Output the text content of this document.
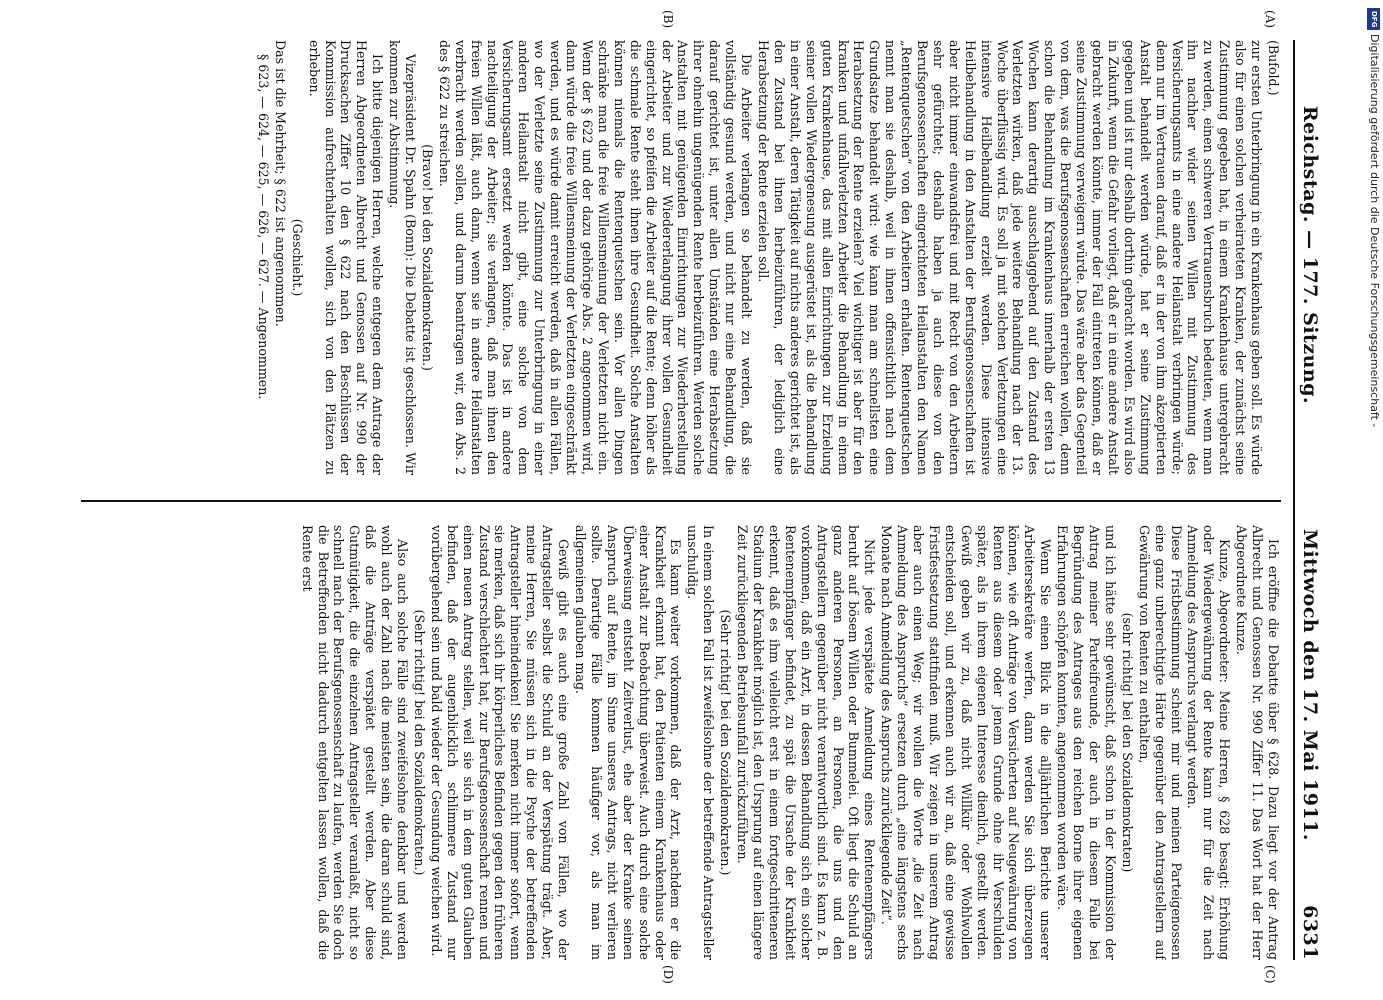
Reichstag. — 177. Sitzung.
Mittwoch den 17. Mai 1911.
6331
(A)
(B)
(C)
(D)

(Bufold.)

zur ersten Unterbringung in ein Krankenhaus geben soll. Es würde also für einen solchen verheirateten Kranken, der zunächst seine Zustimmung gegeben hat, in einem Krankenhause untergebracht zu werden, einen schweren Vertrauensbruch bedeuten, wenn man ihn nachher wider seinen Willen mit Zustimmung des Versicherungsamts in eine andere Heilanstalt verbringen würde; denn nur im Vertrauen darauf, daß er in der von ihm akzeptierten Anstalt behandelt werden würde, hat er seine Zustimmung gegeben und ist nur deshalb dorthin gebracht worden. Es wird also in Zukunft, wenn die Gefahr vorliegt, daß er in eine andere Anstalt gebracht werden könnte, immer der Fall eintreten können, daß er seine Zustimmung verweigern würde. Das wäre aber das Gegenteil von dem, was die Berufsgenossenschaften erreichen wollen, denn schon die Behandlung im Krankenhaus innerhalb der ersten 13 Wochen kann derartig ausschlaggebend auf den Zustand des Verletzten wirken, daß jede weitere Behandlung nach der 13. Woche überflüssig wird. Es soll ja mit solchen Verletzungen eine intensive Heilbehandlung erzielt werden. Diese intensive Heilbehandlung in den Anstalten der Berufsgenossenschaften ist aber nicht immer einwandsfrei und mit Recht von den Arbeitern sehr gefürchtet; deshalb haben ja auch diese von den Berufsgenossenschaften eingerichteten Heilanstalten den Namen „Rentenquetschen“ von den Arbeitern erhalten. Rentenquetschen nennt man sie deshalb, weil in ihnen offensichtlich nach dem Grundsatze behandelt wird: wie kann man am schnellsten eine Herabsetzung der Rente erzielen? Viel wichtiger ist aber für den kranken und unfallverletzten Arbeiter die Behandlung in einem guten Krankenhause, das mit allen Einrichtungen zur Erzielung seiner vollen Wiedergenesung ausgerüstet ist, als die Behandlung in einer Anstalt, deren Tätigkeit auf nichts anderes gerichtet ist, als den Zustand bei ihnen herbeizuführen, der lediglich eine Herabsetzung der Rente erzielen soll.

Die Arbeiter verlangen so behandelt zu werden, daß sie vollständig gesund werden, und nicht nur eine Behandlung, die darauf gerichtet ist, unter allen Umständen eine Herabsetzung ihrer ohnehin ungenügenden Rente herbeizuführen. Werden solche Anstalten mit genügenden Einrichtungen zur Wiederherstellung der Arbeiter und zur Wiedererlangung ihrer vollen Gesundheit eingerichtet, so pfeifen die Arbeiter auf die Rente; denn höher als die schmale Rente steht ihnen ihre Gesundheit. Solche Anstalten können niemals die Rentenquetschen sein. Vor allen Dingen schränke man die freie Willensmeinung der Verletzten nicht ein. Wenn der § 622 und der dazu gehörige Abs. 2 angenommen wird, dann würde die freie Willensmeinung der Verletzten eingeschränkt werden, und es würde damit erreicht werden, daß in allen Fällen, wo der Verletzte seine Zustimmung zur Unterbringung in einer anderen Heilanstalt nicht gibt, eine solche von dem Versicherungsamt ersetzt werden könnte. Das ist in andere nachteiligung der Arbeiter; sie verlangen, daß man ihnen den freien Willen läßt, auch dann, wenn sie in andere Heilanstalten verbracht werden sollen, und darum beantragen wir, den Abs. 2 des § 622 zu streichen.

(Bravo! bei den Sozialdemokraten.)

Vizepräsident Dr. Spahn (Bonn): Die Debatte ist geschlossen. Wir kommen zur Abstimmung.

Ich bitte diejenigen Herren, welche entgegen dem Antrage der Herren Abgeordneten Albrecht und Genossen auf Nr. 990 der Drucksachen Ziffer 10 den § 622 nach den Beschlüssen der Kommission aufrechterhalten wollen, sich von den Plätzen zu erheben.

(Geschieht.)

Das ist die Mehrheit; § 622 ist angenommen.

§ 623, — 624, — 625, — 626, — 627. — Angenommen.

Ich eröffne die Debatte über § 628. Dazu liegt vor der Antrag Albrecht und Genossen Nr. 990 Ziffer 11. Das Wort hat der Herr Abgeordnete Kunze.

Kunze, Abgeordneter: Meine Herren, § 628 besagt: Erhöhung oder Wiedergewährung der Rente kann nur für die Zeit nach Anmeldung des Anspruchs verlangt werden.

Diese Fristbestimmung scheint mir und meinen Parteigenossen eine ganz unberechtigte Härte gegenüber den Antragstellern auf Gewährung von Renten zu enthalten,

(sehr richtig! bei den Sozialdemokraten)

und ich hätte sehr gewünscht, daß schon in der Kommission der Antrag meiner Parteifreunde, der auch in diesem Falle bei Begründung des Antrages aus den reichen Borne ihrer eigenen Erfahrungen schöpfen konnten, angenommen worden wäre.

Wenn Sie einen Blick in die alljährlichen Berichte unserer Arbeitersekretäre werfen, dann werden Sie sich überzeugen können, wie oft Anträge von Versicherten auf Neugewährung von Renten aus diesem oder jenem Grunde ohne ihr Verschulden später, als in ihrem eigenen Interesse dienlich, gestellt werden. Gewiß geben wir zu, daß nicht Willkür oder Wohlwollen entscheiden soll, und erkennen auch wir an, daß eine gewisse Fristfestsetzung stattfinden muß. Wir zeigen in unserem Antrag aber auch einen Weg; wir wollen die Worte „die Zeit nach Anmeldung des Anspruchs“ ersetzen durch „eine längstens sechs Monate nach Anmeldung des Anspruchs zurückliegende Zeit“.

Nicht jede verspätete Anmeldung eines Rentenempfängers beruht auf bösem Willen oder Bummelei. Oft liegt die Schuld an ganz anderen Personen, an Personen, die uns und den Antragstellern gegenüber nicht verantwortlich sind. Es kann z. B. vorkommen, daß ein Arzt, in dessen Behandlung sich ein solcher Rentenempfänger befindet, zu spät die Ursache der Krankheit erkennt, daß es ihm vielleicht erst in einem fortgeschritteneren Stadium der Krankheit möglich ist, den Ursprung auf einen längere Zeit zurückliegenden Betriebsunfall zurückzuführen.

(Sehr richtig! bei den Sozialdemokraten.)

In einem solchen Fall ist zweifelsohne der betreffende Antragsteller unschuldig.

Es kann weiter vorkommen, daß der Arzt, nachdem er die Krankheit erkannt hat, den Patienten einem Krankenhaus oder einer Anstalt zur Beobachtung überweist. Auch durch eine solche Überweisung entsteht Zeitverlust, ehe aber der Kranke seinen Anspruch auf Rente, im Sinne unseres Antrags, nicht verlieren sollte. Derartige Fälle kommen häufiger vor, als man im allgemeinen glauben mag.

Gewiß gibt es auch eine große Zahl von Fällen, wo der Antragsteller selbst die Schuld an der Verspätung trägt. Aber, meine Herren, Sie müssen sich in die Psyche der betreffenden Antragsteller hineindenken! Sie merken nicht immer sofort, wenn sie merken, daß sich ihr körperliches Befinden gegen den früheren Zustand verschlechtert hat, zur Berufsgenossenschaft rennen und einen neuen Antrag stellen, weil sie sich in dem guten Glauben befinden, daß der augenblicklich schlimmere Zustand nur vorübergehend sein und bald wieder der Gesundung weichen wird.

(Sehr richtig! bei den Sozialdemokraten.)

Also auch solche Fälle sind zweifelsohne denkbar und werden wohl auch der Zahl nach die meisten sein, die daran schuld sind, daß die Anträge verspätet gestellt werden. Aber diese Gutmütigkeit, die die einzelnen Antragsteller veranlaßt, nicht so schnell nach der Berufsgenossenschaft zu laufen, werden Sie doch die Betreffenden nicht dadurch entgelten lassen wollen, daß die Rente erst

DFG
Digitalisierung gefördert durch die Deutsche Forschungsgemeinschaft -
